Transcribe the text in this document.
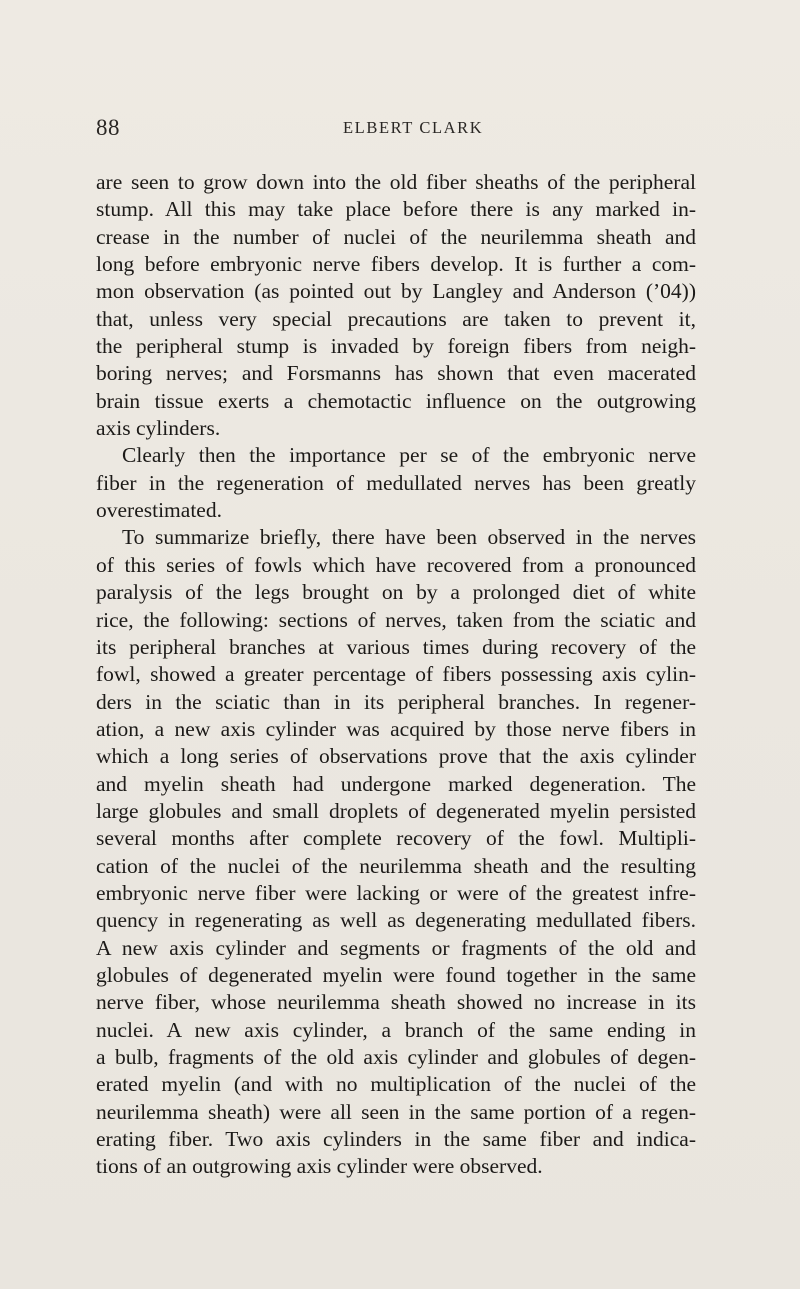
88	ELBERT CLARK
are seen to grow down into the old fiber sheaths of the peripheral
stump. All this may take place before there is any marked in-
crease in the number of nuclei of the neurilemma sheath and
long before embryonic nerve fibers develop. It is further a com-
mon observation (as pointed out by Langley and Anderson (’04))
that, unless very special precautions are taken to prevent it,
the peripheral stump is invaded by foreign fibers from neigh-
boring nerves; and Forsmanns has shown that even macerated
brain tissue exerts a chemotactic influence on the outgrowing
axis cylinders.
Clearly then the importance per se of the embryonic nerve
fiber in the regeneration of medullated nerves has been greatly
overestimated.
To summarize briefly, there have been observed in the nerves
of this series of fowls which have recovered from a pronounced
paralysis of the legs brought on by a prolonged diet of white
rice, the following: sections of nerves, taken from the sciatic and
its peripheral branches at various times during recovery of the
fowl, showed a greater percentage of fibers possessing axis cylin-
ders in the sciatic than in its peripheral branches. In regener-
ation, a new axis cylinder was acquired by those nerve fibers in
which a long series of observations prove that the axis cylinder
and myelin sheath had undergone marked degeneration. The
large globules and small droplets of degenerated myelin persisted
several months after complete recovery of the fowl. Multipli-
cation of the nuclei of the neurilemma sheath and the resulting
embryonic nerve fiber were lacking or were of the greatest infre-
quency in regenerating as well as degenerating medullated fibers.
A new axis cylinder and segments or fragments of the old and
globules of degenerated myelin were found together in the same
nerve fiber, whose neurilemma sheath showed no increase in its
nuclei. A new axis cylinder, a branch of the same ending in
a bulb, fragments of the old axis cylinder and globules of degen-
erated myelin (and with no multiplication of the nuclei of the
neurilemma sheath) were all seen in the same portion of a regen-
erating fiber. Two axis cylinders in the same fiber and indica-
tions of an outgrowing axis cylinder were observed.
